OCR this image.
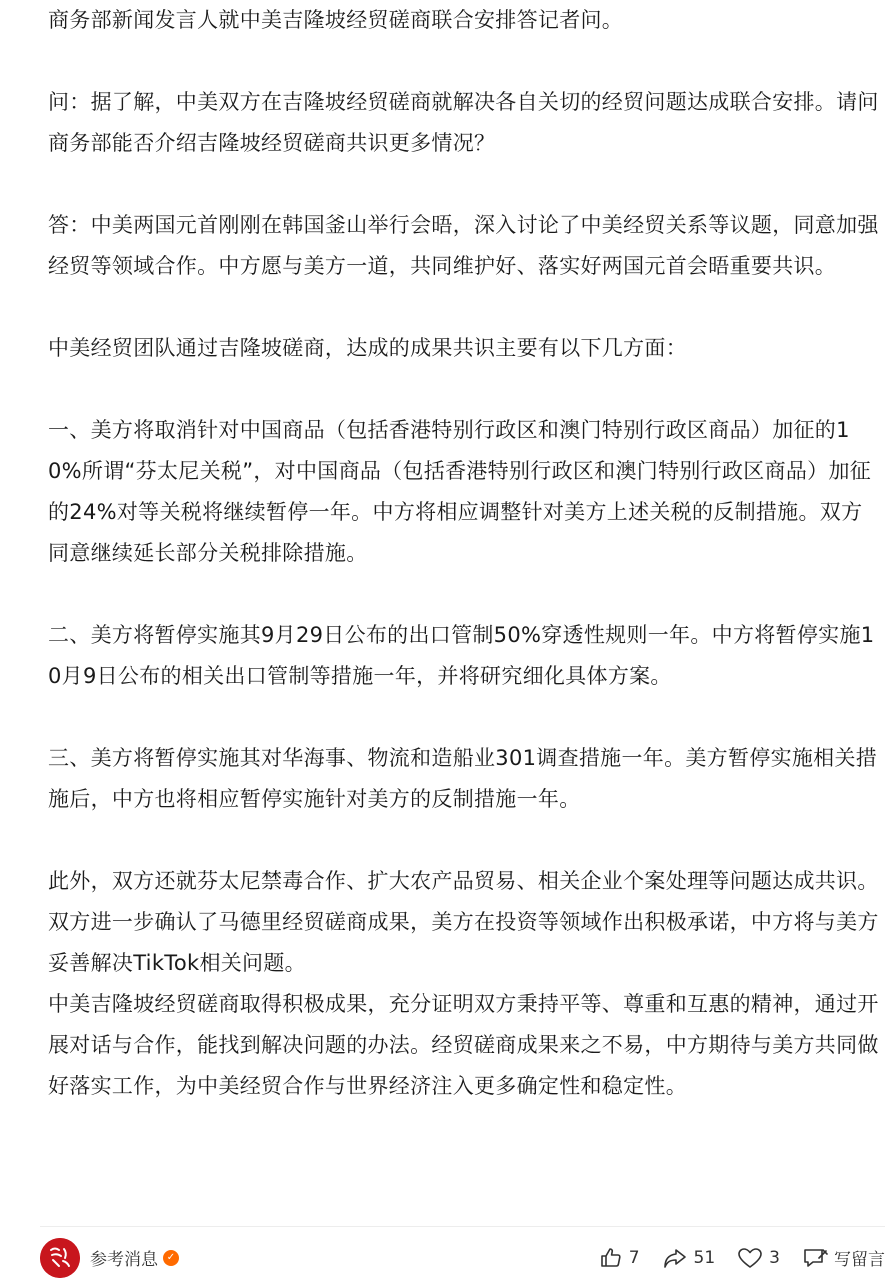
商务部新闻发言人就中美吉隆坡经贸磋商联合安排答记者问。

问：据了解，中美双方在吉隆坡经贸磋商就解决各自关切的经贸问题达成联合安排。请问商务部能否介绍吉隆坡经贸磋商共识更多情况？

答：中美两国元首刚刚在韩国釜山举行会晤，深入讨论了中美经贸关系等议题，同意加强经贸等领域合作。中方愿与美方一道，共同维护好、落实好两国元首会晤重要共识。

中美经贸团队通过吉隆坡磋商，达成的成果共识主要有以下几方面：

一、美方将取消针对中国商品（包括香港特别行政区和澳门特别行政区商品）加征的10%所谓“芬太尼关税”，对中国商品（包括香港特别行政区和澳门特别行政区商品）加征的24%对等关税将继续暂停一年。中方将相应调整针对美方上述关税的反制措施。双方同意继续延长部分关税排除措施。

二、美方将暂停实施其9月29日公布的出口管制50%穿透性规则一年。中方将暂停实施10月9日公布的相关出口管制等措施一年，并将研究细化具体方案。

三、美方将暂停实施其对华海事、物流和造船业301调查措施一年。美方暂停实施相关措施后，中方也将相应暂停实施针对美方的反制措施一年。

此外，双方还就芬太尼禁毒合作、扩大农产品贸易、相关企业个案处理等问题达成共识。双方进一步确认了马德里经贸磋商成果，美方在投资等领域作出积极承诺，中方将与美方妥善解决TikTok相关问题。

中美吉隆坡经贸磋商取得积极成果，充分证明双方秉持平等、尊重和互惠的精神，通过开展对话与合作，能找到解决问题的办法。经贸磋商成果来之不易，中方期待与美方共同做好落实工作，为中美经贸合作与世界经济注入更多确定性和稳定性。

参考消息 ✓	7	51	3	写留言
